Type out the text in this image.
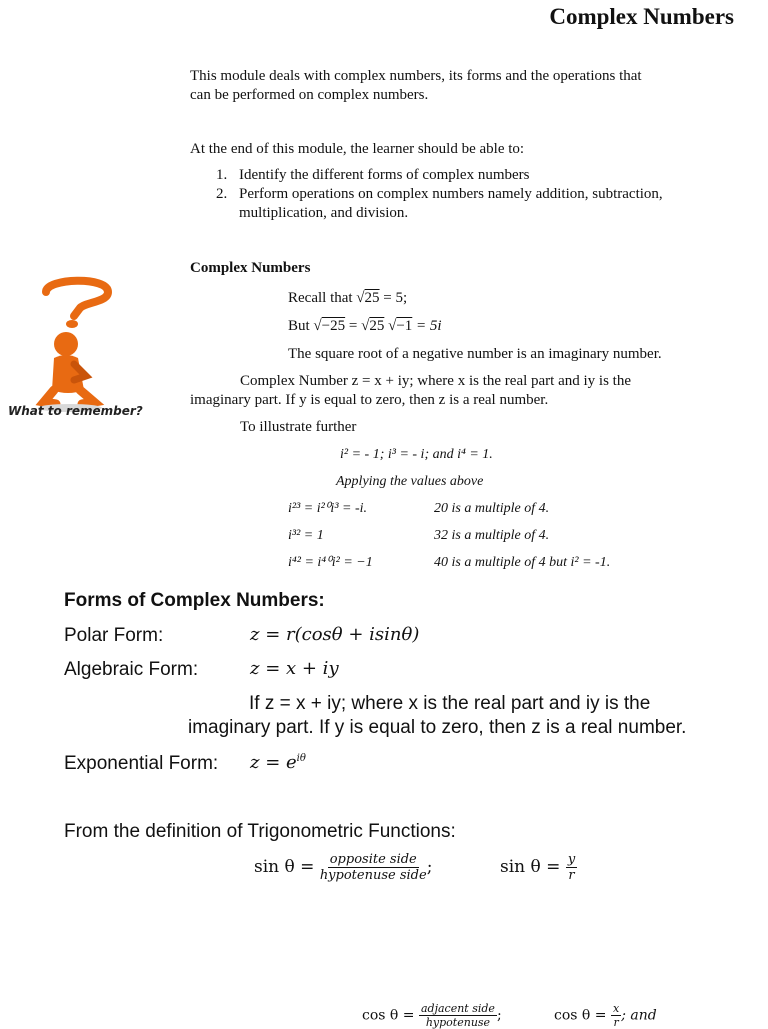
Complex Numbers
This module deals with complex numbers, its forms and the operations that
can be performed on complex numbers.
At the end of this module, the learner should be able to:
1. Identify the different forms of complex numbers
2. Perform operations on complex numbers namely addition, subtraction,
multiplication, and division.
What to remember?
Complex Numbers
Recall that √25 = 5;
But √−25 = √25 √−1 = 5i
The square root of a negative number is an imaginary number.
Complex Number z = x + iy; where x is the real part and iy is the
imaginary part. If y is equal to zero, then z is a real number.
To illustrate further
i² = - 1; i³ = - i; and i⁴ = 1.
Applying the values above
i²³ = i²⁰i³ = -i.	20 is a multiple of 4.
i³² = 1	32 is a multiple of 4.
i⁴² = i⁴⁰i² = −1	40 is a multiple of 4 but i² = -1.
Forms of Complex Numbers:
Polar Form:	z = r(cosθ + isinθ)
Algebraic Form:	z = x + iy
If z = x + iy; where x is the real part and iy is the
imaginary part. If y is equal to zero, then z is a real number.
Exponential Form: $z = e^{i\theta}$
From the definition of Trigonometric Functions:
$\sin \theta = \frac{\text{opposite side}}{\text{hypotenuse side}}$ ;	$\sin \theta = \frac{y}{r}$
$\cos \theta = \frac{\text{adjacent side}}{\text{hypotenuse}}$ ;	$\cos \theta = \frac{x}{r}$ ; and
